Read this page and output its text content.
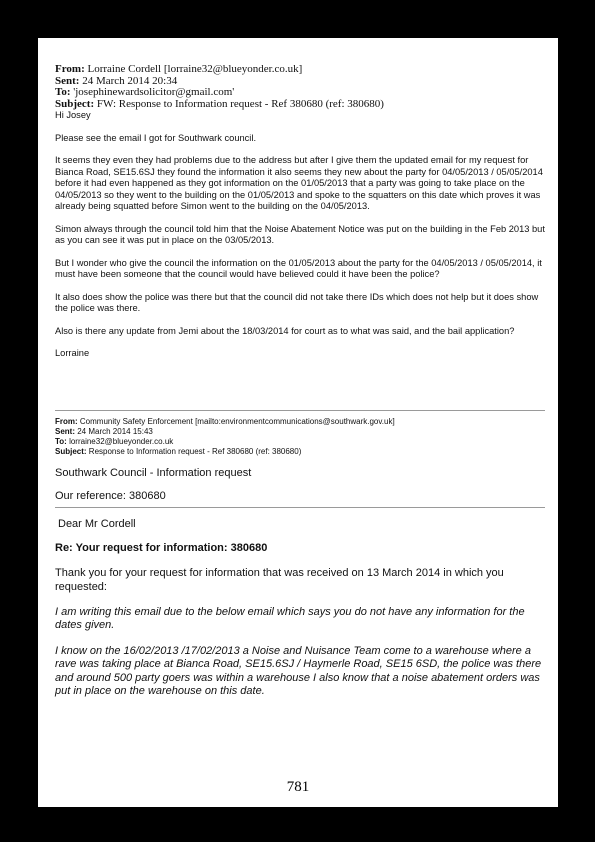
From: Lorraine Cordell [lorraine32@blueyonder.co.uk]
Sent: 24 March 2014 20:34
To: 'josephinewardsolicitor@gmail.com'
Subject: FW: Response to Information request - Ref 380680 (ref: 380680)

Hi Josey

Please see the email I got for Southwark council.

It seems they even they had problems due to the address but after I give them the updated email for my request for Bianca Road, SE15.6SJ they found the information it also seems they new about the party for 04/05/2013 / 05/05/2014 before it had even happened as they got information on the 01/05/2013 that a party was going to take place on the 04/05/2013 so they went to the building on the 01/05/2013 and spoke to the squatters on this date which proves it was already being squatted before Simon went to the building on the 04/05/2013.

Simon always through the council told him that the Noise Abatement Notice was put on the building in the Feb 2013 but as you can see it was put in place on the 03/05/2013.

But I wonder who give the council the information on the 01/05/2013 about the party for the 04/05/2013 / 05/05/2014, it must have been someone that the council would have believed could it have been the police?

It also does show the police was there but that the council did not take there IDs which does not help but it does show the police was there.

Also is there any update from Jemi about the 18/03/2014 for court as to what was said, and the bail application?

Lorraine

From: Community Safety Enforcement [mailto:environmentcommunications@southwark.gov.uk]
Sent: 24 March 2014 15:43
To: lorraine32@blueyonder.co.uk
Subject: Response to Information request - Ref 380680 (ref: 380680)

Southwark Council - Information request

Our reference: 380680

Dear Mr Cordell

Re: Your request for information: 380680

Thank you for your request for information that was received on 13 March 2014 in which you requested:

I am writing this email due to the below email which says you do not have any information for the dates given.

I know on the 16/02/2013 /17/02/2013 a Noise and Nuisance Team come to a warehouse where a rave was taking place at Bianca Road, SE15.6SJ / Haymerle Road, SE15 6SD, the police was there and around 500 party goers was within a warehouse I also know that a noise abatement orders was put in place on the warehouse on this date.

781
